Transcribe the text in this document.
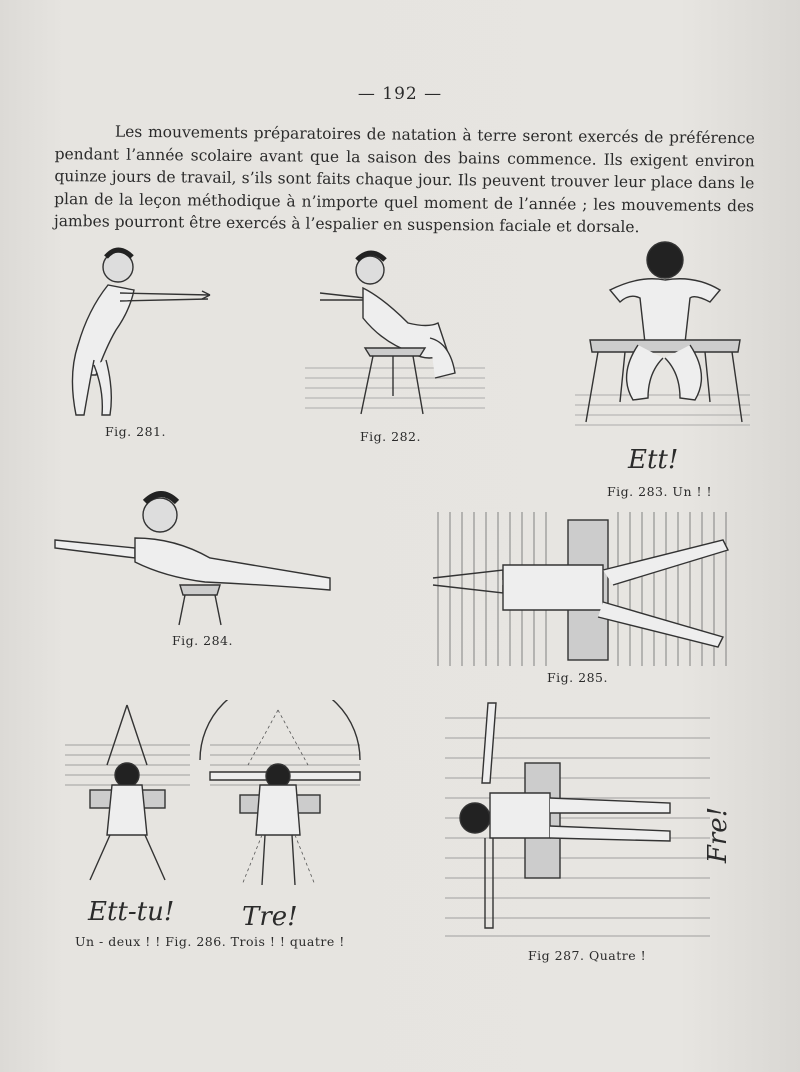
— 192 —
Les mouvements préparatoires de natation à terre seront exercés de préférence pendant l’année scolaire avant que la saison des bains commence. Ils exigent environ quinze jours de travail, s’ils sont faits chaque jour. Ils peuvent trouver leur place dans le plan de la leçon méthodique à n’importe quel moment de l’année ; les mouvements des jambes pourront être exercés à l’espalier en suspension faciale et dorsale.
Fig. 281.	Fig. 282.
Ett!
Fig. 283. Un ! !
Fig. 284.
Fig. 285.
Ett-tu!	Tre!
Un - deux ! ! Fig. 286. Trois ! ! quatre !
Fre!
Fig 287. Quatre !
